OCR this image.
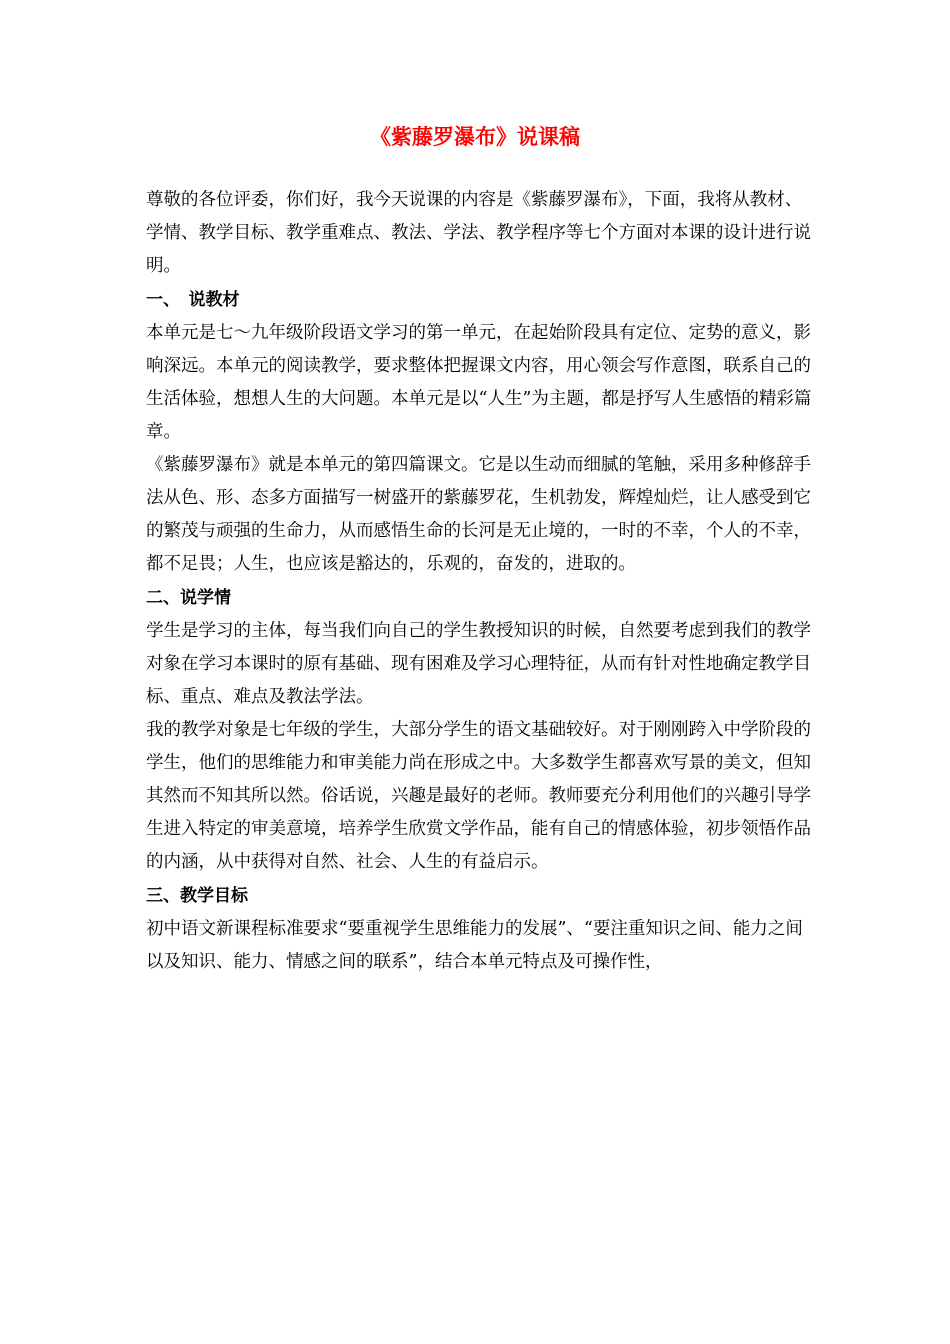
《紫藤罗瀑布》说课稿

尊敬的各位评委，你们好，我今天说课的内容是《紫藤罗瀑布》，下面，我将从教材、学情、教学目标、教学重难点、教法、学法、教学程序等七个方面对本课的设计进行说明。

一、　说教材

本单元是七～九年级阶段语文学习的第一单元，在起始阶段具有定位、定势的意义，影响深远。本单元的阅读教学，要求整体把握课文内容，用心领会写作意图，联系自己的生活体验，想想人生的大问题。本单元是以“人生”为主题，都是抒写人生感悟的精彩篇章。

《紫藤罗瀑布》就是本单元的第四篇课文。它是以生动而细腻的笔触，采用多种修辞手法从色、形、态多方面描写一树盛开的紫藤罗花，生机勃发，辉煌灿烂，让人感受到它的繁茂与顽强的生命力，从而感悟生命的长河是无止境的，一时的不幸，个人的不幸，都不足畏；人生，也应该是豁达的，乐观的，奋发的，进取的。

二、说学情

学生是学习的主体，每当我们向自己的学生教授知识的时候，自然要考虑到我们的教学对象在学习本课时的原有基础、现有困难及学习心理特征，从而有针对性地确定教学目标、重点、难点及教法学法。

我的教学对象是七年级的学生，大部分学生的语文基础较好。对于刚刚跨入中学阶段的学生，他们的思维能力和审美能力尚在形成之中。大多数学生都喜欢写景的美文，但知其然而不知其所以然。俗话说，兴趣是最好的老师。教师要充分利用他们的兴趣引导学生进入特定的审美意境，培养学生欣赏文学作品，能有自己的情感体验，初步领悟作品的内涵，从中获得对自然、社会、人生的有益启示。

三、教学目标

初中语文新课程标准要求“要重视学生思维能力的发展”、“要注重知识之间、能力之间以及知识、能力、情感之间的联系”，结合本单元特点及可操作性，
